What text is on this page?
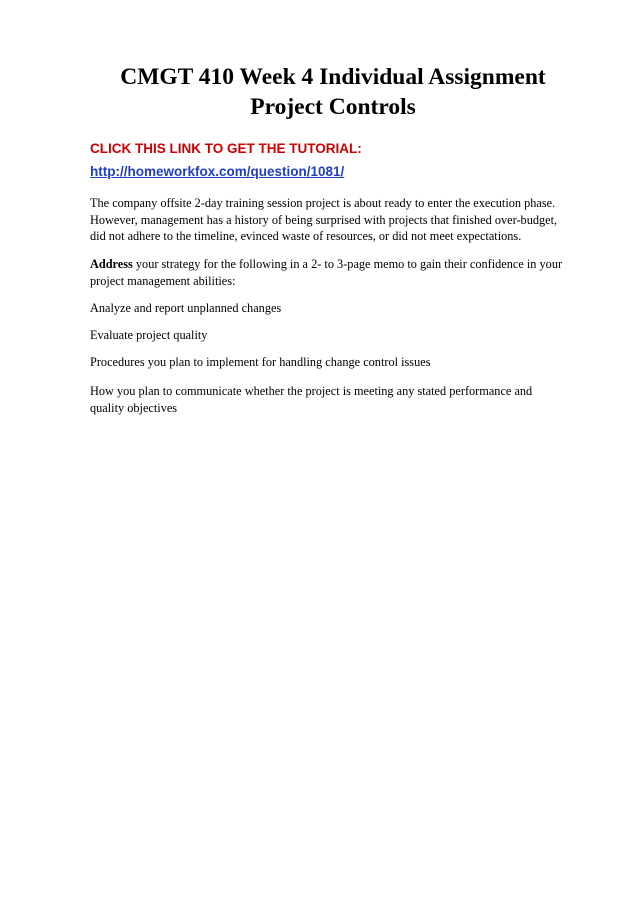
CMGT 410 Week 4 Individual Assignment
Project Controls

CLICK THIS LINK TO GET THE TUTORIAL:

http://homeworkfox.com/question/1081/

The company offsite 2-day training session project is about ready to enter the execution phase.
However, management has a history of being surprised with projects that finished over-budget,
did not adhere to the timeline, evinced waste of resources, or did not meet expectations.

Address your strategy for the following in a 2- to 3-page memo to gain their confidence in your
project management abilities:

Analyze and report unplanned changes

Evaluate project quality

Procedures you plan to implement for handling change control issues

How you plan to communicate whether the project is meeting any stated performance and
quality objectives
